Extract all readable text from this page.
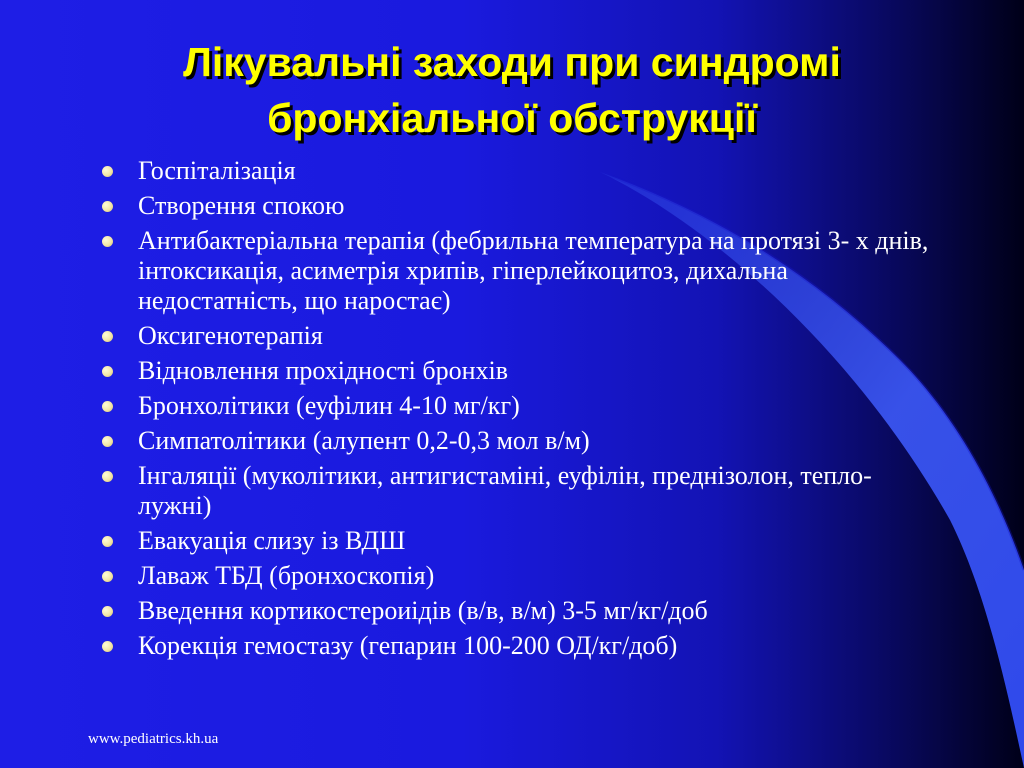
Лікувальні заходи при синдромі
бронхіальної обструкції
Госпіталізація
Створення спокою
Антибактеріальна терапія (фебрильна температура на протязі 3- х днів, інтоксикація, асиметрія хрипів, гіперлейкоцитоз, дихальна недостатність, що наростає)
Оксигенотерапія
Відновлення прохідності бронхів
Бронхолітики (еуфілин 4-10 мг/кг)
Симпатолітики (алупент 0,2-0,3 мол в/м)
Інгаляції (муколітики, антигистаміні, еуфілін, преднізолон, тепло-лужні)
Евакуація слизу із ВДШ
Лаваж ТБД (бронхоскопія)
Введення кортикостероиідів (в/в, в/м) 3-5 мг/кг/доб
Корекція гемостазу (гепарин 100-200 ОД/кг/доб)
www.pediatrics.kh.ua
